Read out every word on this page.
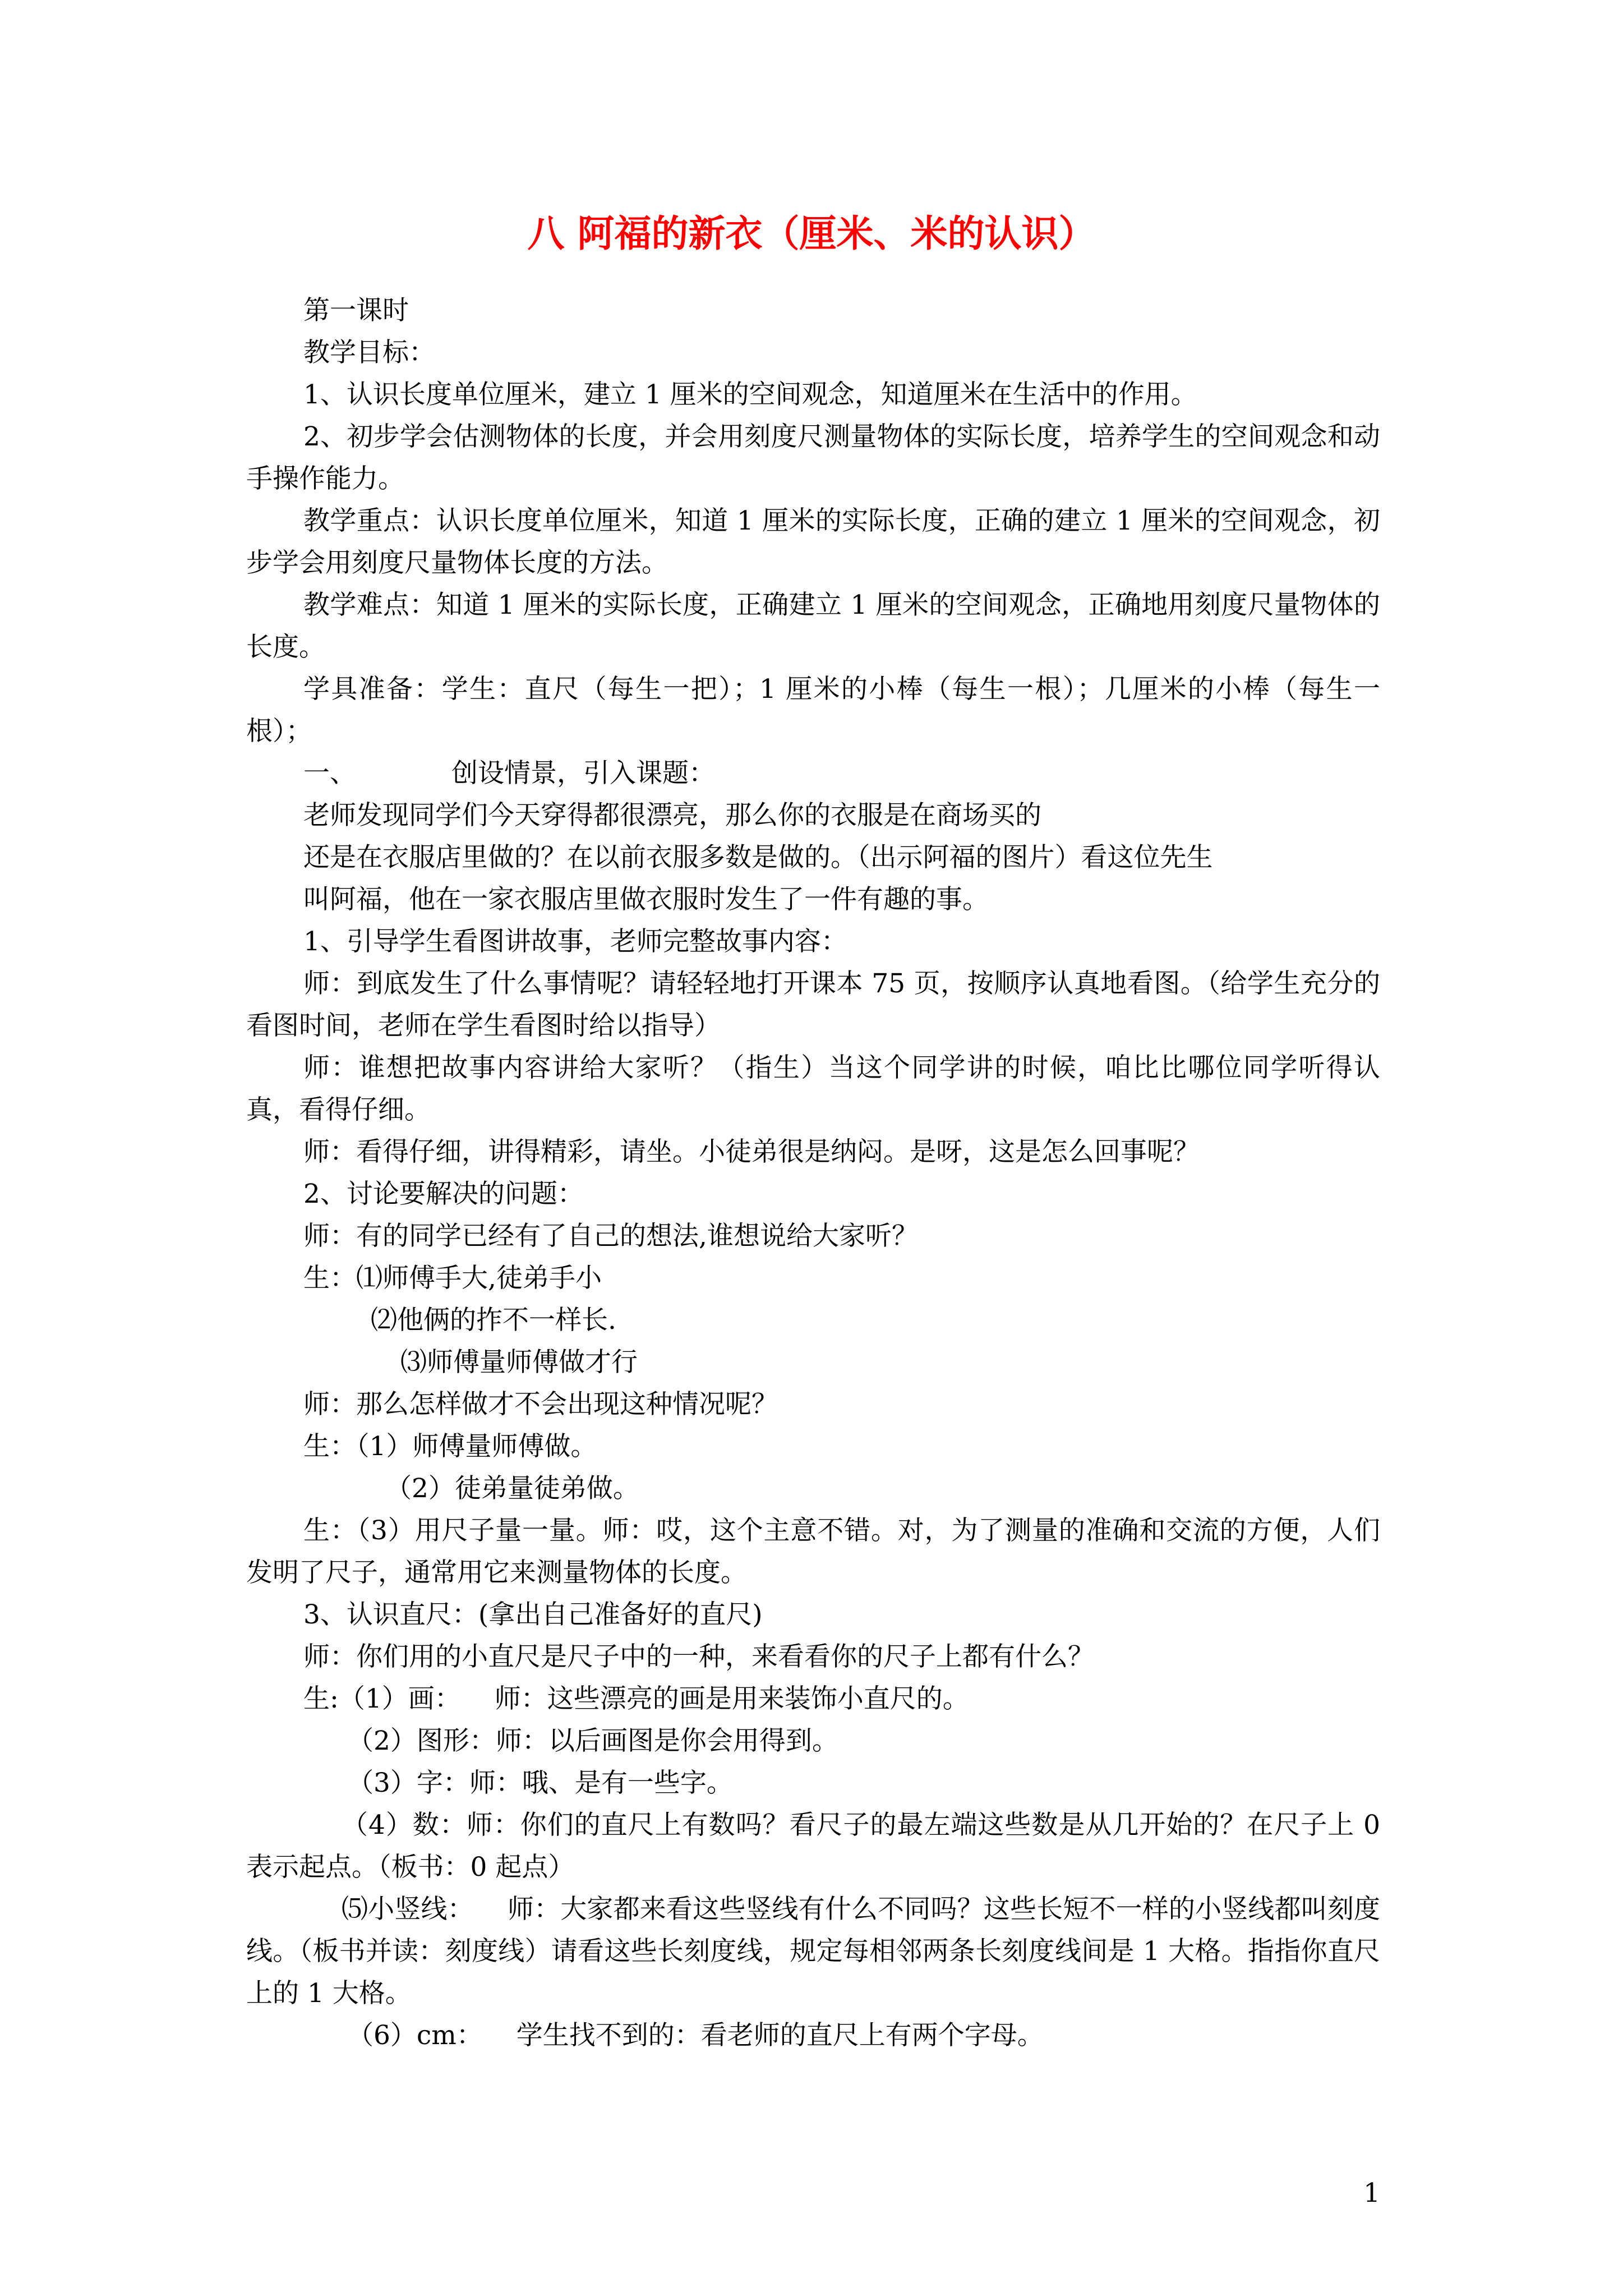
八 阿福的新衣（厘米、米的认识）
第一课时
教学目标：
1、认识长度单位厘米，建立 1 厘米的空间观念，知道厘米在生活中的作用。
2、初步学会估测物体的长度，并会用刻度尺测量物体的实际长度，培养学生的空间观念和动手操作能力。
教学重点：认识长度单位厘米，知道 1 厘米的实际长度，正确的建立 1 厘米的空间观念，初步学会用刻度尺量物体长度的方法。
教学难点：知道 1 厘米的实际长度，正确建立 1 厘米的空间观念，正确地用刻度尺量物体的长度。
学具准备：学生：直尺（每生一把）；1 厘米的小棒（每生一根）；几厘米的小棒（每生一根）；
一、	创设情景，引入课题：
老师发现同学们今天穿得都很漂亮，那么你的衣服是在商场买的
还是在衣服店里做的？在以前衣服多数是做的。（出示阿福的图片）看这位先生
叫阿福，他在一家衣服店里做衣服时发生了一件有趣的事。
1、引导学生看图讲故事，老师完整故事内容：
师：到底发生了什么事情呢？请轻轻地打开课本 75 页，按顺序认真地看图。（给学生充分的看图时间，老师在学生看图时给以指导）
师：谁想把故事内容讲给大家听？（指生）当这个同学讲的时候，咱比比哪位同学听得认真，看得仔细。
师：看得仔细，讲得精彩，请坐。小徒弟很是纳闷。是呀，这是怎么回事呢？
2、讨论要解决的问题：
师：有的同学已经有了自己的想法,谁想说给大家听？
生：⑴师傅手大,徒弟手小
⑵他俩的拃不一样长.
⑶师傅量师傅做才行
师：那么怎样做才不会出现这种情况呢？
生：（1）师傅量师傅做。
（2）徒弟量徒弟做。
生：（3）用尺子量一量。师：哎，这个主意不错。对，为了测量的准确和交流的方便，人们发明了尺子，通常用它来测量物体的长度。
3、认识直尺：(拿出自己准备好的直尺)
师：你们用的小直尺是尺子中的一种，来看看你的尺子上都有什么？
生:（1）画： 师：这些漂亮的画是用来装饰小直尺的。
（2）图形：师：以后画图是你会用得到。
（3）字：师：哦、是有一些字。
（4）数：师：你们的直尺上有数吗？看尺子的最左端这些数是从几开始的？在尺子上 0 表示起点。（板书：0 起点）
⑸小竖线： 师：大家都来看这些竖线有什么不同吗？这些长短不一样的小竖线都叫刻度线。（板书并读：刻度线）请看这些长刻度线，规定每相邻两条长刻度线间是 1 大格。指指你直尺上的 1 大格。
（6）cm： 学生找不到的：看老师的直尺上有两个字母。
1
